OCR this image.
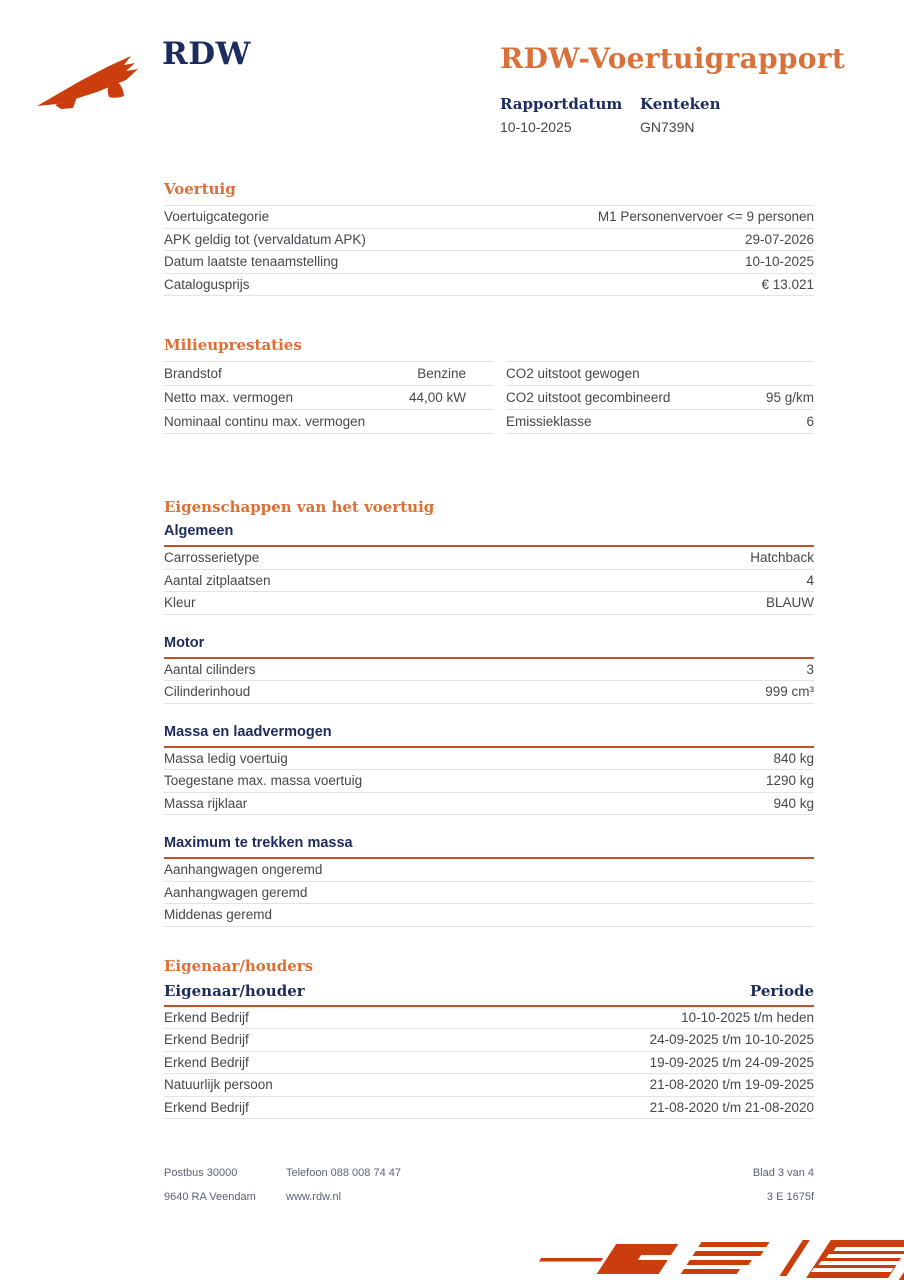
RDW	RDW-Voertuigrapport
Rapportdatum
10-10-2025
Kenteken
GN739N
Voertuig
Voertuigcategorie	M1 Personenvervoer <= 9 personen
APK geldig tot (vervaldatum APK)	29-07-2026
Datum laatste tenaamstelling	10-10-2025
Catalogusprijs	€ 13.021
Milieuprestaties
Brandstof	Benzine
Netto max. vermogen	44,00 kW
Nominaal continu max. vermogen
CO2 uitstoot gewogen
CO2 uitstoot gecombineerd	95 g/km
Emissieklasse	6
Eigenschappen van het voertuig
Algemeen
Carrosserietype	Hatchback
Aantal zitplaatsen	4
Kleur	BLAUW
Motor
Aantal cilinders	3
Cilinderinhoud	999 cm³
Massa en laadvermogen
Massa ledig voertuig	840 kg
Toegestane max. massa voertuig	1290 kg
Massa rijklaar	940 kg
Maximum te trekken massa
Aanhangwagen ongeremd
Aanhangwagen geremd
Middenas geremd
Eigenaar/houders
Eigenaar/houder	Periode
Erkend Bedrijf	10-10-2025 t/m heden
Erkend Bedrijf	24-09-2025 t/m 10-10-2025
Erkend Bedrijf	19-09-2025 t/m 24-09-2025
Natuurlijk persoon	21-08-2020 t/m 19-09-2025
Erkend Bedrijf	21-08-2020 t/m 21-08-2020
Postbus 30000	Telefoon 088 008 74 47	Blad 3 van 4
9640 RA Veendam	www.rdw.nl	3 E 1675f
